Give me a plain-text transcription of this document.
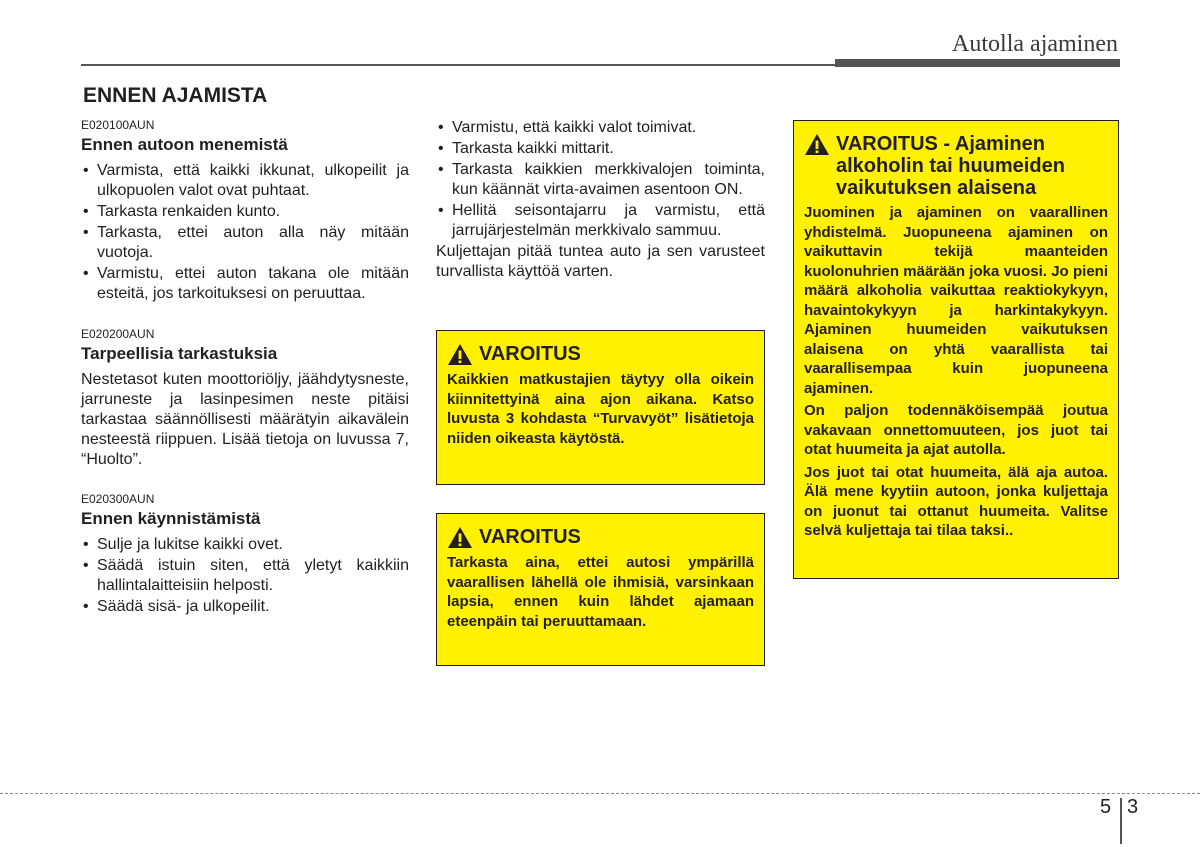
Autolla ajaminen
ENNEN AJAMISTA
E020100AUN
Ennen autoon menemistä
• Varmista, että kaikki ikkunat, ulkopeilit ja ulkopuolen valot ovat puhtaat.
• Tarkasta renkaiden kunto.
• Tarkasta, ettei auton alla näy mitään vuotoja.
• Varmistu, ettei auton takana ole mitään esteitä, jos tarkoituksesi on peruuttaa.
E020200AUN
Tarpeellisia tarkastuksia

Nestetasot kuten moottoriöljy, jäähdytysneste, jarruneste ja lasinpesimen neste pitäisi tarkastaa säännöllisesti määrätyin aikavälein nesteestä riippuen. Lisää tietoja on luvussa 7, “Huolto”.

E020300AUN
Ennen käynnistämistä
• Sulje ja lukitse kaikki ovet.
• Säädä istuin siten, että yletyt kaikkiin hallintalaitteisiin helposti.
• Säädä sisä- ja ulkopeilit.
• Varmistu, että kaikki valot toimivat.
• Tarkasta kaikki mittarit.
• Tarkasta kaikkien merkkivalojen toiminta, kun käännät virta-avaimen asentoon ON.
• Hellitä seisontajarru ja varmistu, että jarrujärjestelmän merkkivalo sammuu.

Kuljettajan pitää tuntea auto ja sen varusteet turvallista käyttöä varten.

VAROITUS

Kaikkien matkustajien täytyy olla oikein kiinnitettyinä aina ajon aikana. Katso luvusta 3 kohdasta “Turvavyöt” lisätietoja niiden oikeasta käytöstä.

VAROITUS

Tarkasta aina, ettei autosi ympärillä vaarallisen lähellä ole ihmisiä, varsinkaan lapsia, ennen kuin lähdet ajamaan eteenpäin tai peruuttamaan.

VAROITUS - Ajaminen alkoholin tai huumeiden vaikutuksen alaisena

Juominen ja ajaminen on vaarallinen yhdistelmä. Juopuneena ajaminen on vaikuttavin tekijä maanteiden kuolonuhrien määrään joka vuosi. Jo pieni määrä alkoholia vaikuttaa reaktiokykyyn, havaintokykyyn ja harkintakykyyn. Ajaminen huumeiden vaikutuksen alaisena on yhtä vaarallista tai vaarallisempaa kuin juopuneena ajaminen.

On paljon todennäköisempää joutua vakavaan onnettomuuteen, jos juot tai otat huumeita ja ajat autolla.

Jos juot tai otat huumeita, älä aja autoa. Älä mene kyytiin autoon, jonka kuljettaja on juonut tai ottanut huumeita. Valitse selvä kuljettaja tai tilaa taksi..

5 3
